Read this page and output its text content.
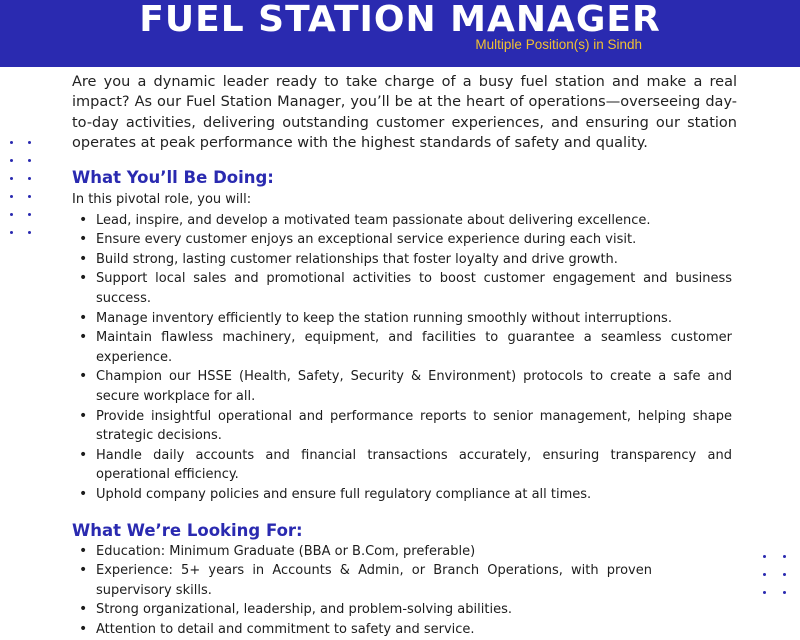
FUEL STATION MANAGER
Multiple Position(s) in Sindh

Are you a dynamic leader ready to take charge of a busy fuel station and make a real impact? As our Fuel Station Manager, you’ll be at the heart of operations—overseeing day-to-day activities, delivering outstanding customer experiences, and ensuring our station operates at peak performance with the highest standards of safety and quality.

What You’ll Be Doing:
In this pivotal role, you will:
• Lead, inspire, and develop a motivated team passionate about delivering excellence.
• Ensure every customer enjoys an exceptional service experience during each visit.
• Build strong, lasting customer relationships that foster loyalty and drive growth.
• Support local sales and promotional activities to boost customer engagement and business success.
• Manage inventory efficiently to keep the station running smoothly without interruptions.
• Maintain flawless machinery, equipment, and facilities to guarantee a seamless customer experience.
• Champion our HSSE (Health, Safety, Security & Environment) protocols to create a safe and secure workplace for all.
• Provide insightful operational and performance reports to senior management, helping shape strategic decisions.
• Handle daily accounts and financial transactions accurately, ensuring transparency and operational efficiency.
• Uphold company policies and ensure full regulatory compliance at all times.
What We’re Looking For:
• Education: Minimum Graduate (BBA or B.Com, preferable)
• Experience: 5+ years in Accounts & Admin, or Branch Operations, with proven supervisory skills.
• Strong organizational, leadership, and problem-solving abilities.
• Attention to detail and commitment to safety and service.
